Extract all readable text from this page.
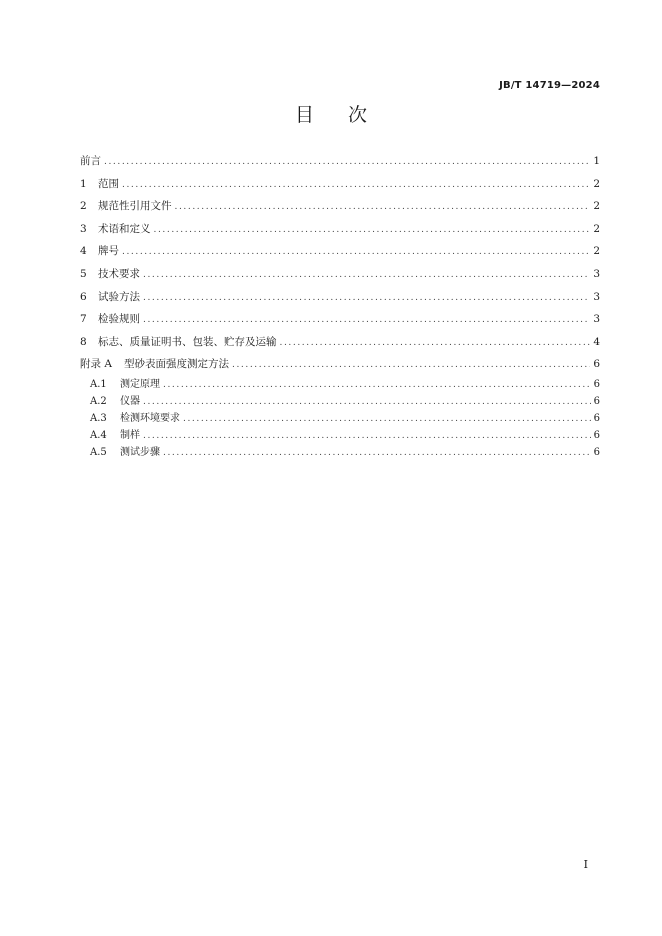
JB/T 14719—2024
目 次
前言 .....	1
1	范围 .....	2
2	规范性引用文件 .....	2
3	术语和定义 .....	2
4	牌号 .....	2
5	技术要求 .....	3
6	试验方法 .....	3
7	检验规则 .....	3
8	标志、质量证明书、包装、贮存及运输 .....	4
附录 A	型砂表面强度测定方法 .....	6
A.1	测定原理 .....	6
A.2	仪器 .....	6
A.3	检测环境要求 .....	6
A.4	制样 .....	6
A.5	测试步骤 .....	6
I
